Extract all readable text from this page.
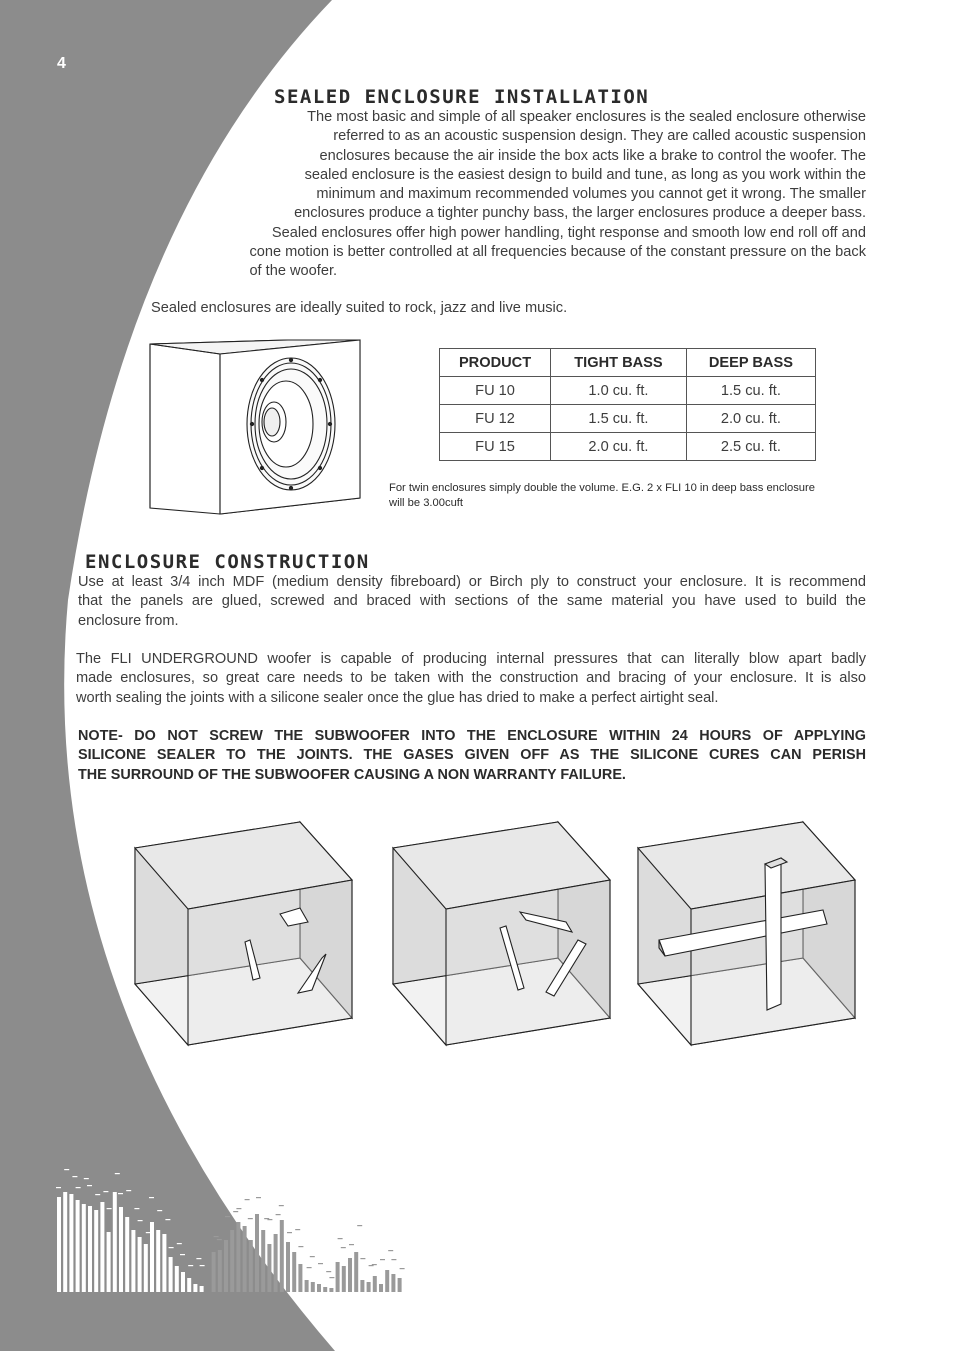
4
SEALED ENCLOSURE INSTALLATION
The most basic and simple of all speaker enclosures is the sealed enclosure otherwise
referred to as an acoustic suspension design. They are called acoustic suspension
enclosures because the air inside the box acts like a brake to control the woofer. The
sealed enclosure is the easiest design to build and tune, as long as you work within the
minimum and maximum recommended volumes you cannot get it wrong. The smaller
enclosures produce a tighter punchy bass, the larger enclosures produce a deeper bass.
Sealed enclosures offer high power handling, tight response and smooth low end roll off and
cone motion is better controlled at all frequencies because of the constant pressure on the back
of the woofer.
Sealed enclosures are ideally suited to rock, jazz and live music.
PRODUCT	TIGHT BASS	DEEP BASS
FU 10	1.0 cu. ft.	1.5 cu. ft.
FU 12	1.5 cu. ft.	2.0 cu. ft.
FU 15	2.0 cu. ft.	2.5 cu. ft.
For twin enclosures simply double the volume. E.G. 2 x FLI 10 in deep bass enclosure
will be 3.00cuft
ENCLOSURE CONSTRUCTION
Use at least 3/4 inch MDF (medium density fibreboard) or Birch ply to construct your enclosure. It is recommend
that the panels are glued, screwed and braced with sections of the same material you have used to build the
enclosure from.
The FLI UNDERGROUND woofer is capable of producing internal pressures that can literally blow apart badly
made enclosures, so great care needs to be taken with the construction and bracing of your enclosure. It is also
worth sealing the joints with a silicone sealer once the glue has dried to make a perfect airtight seal.
NOTE- DO NOT SCREW THE SUBWOOFER INTO THE ENCLOSURE WITHIN 24 HOURS OF APPLYING
SILICONE SEALER TO THE JOINTS. THE GASES GIVEN OFF AS THE SILICONE CURES CAN PERISH
THE SURROUND OF THE SUBWOOFER CAUSING A NON WARRANTY FAILURE.
